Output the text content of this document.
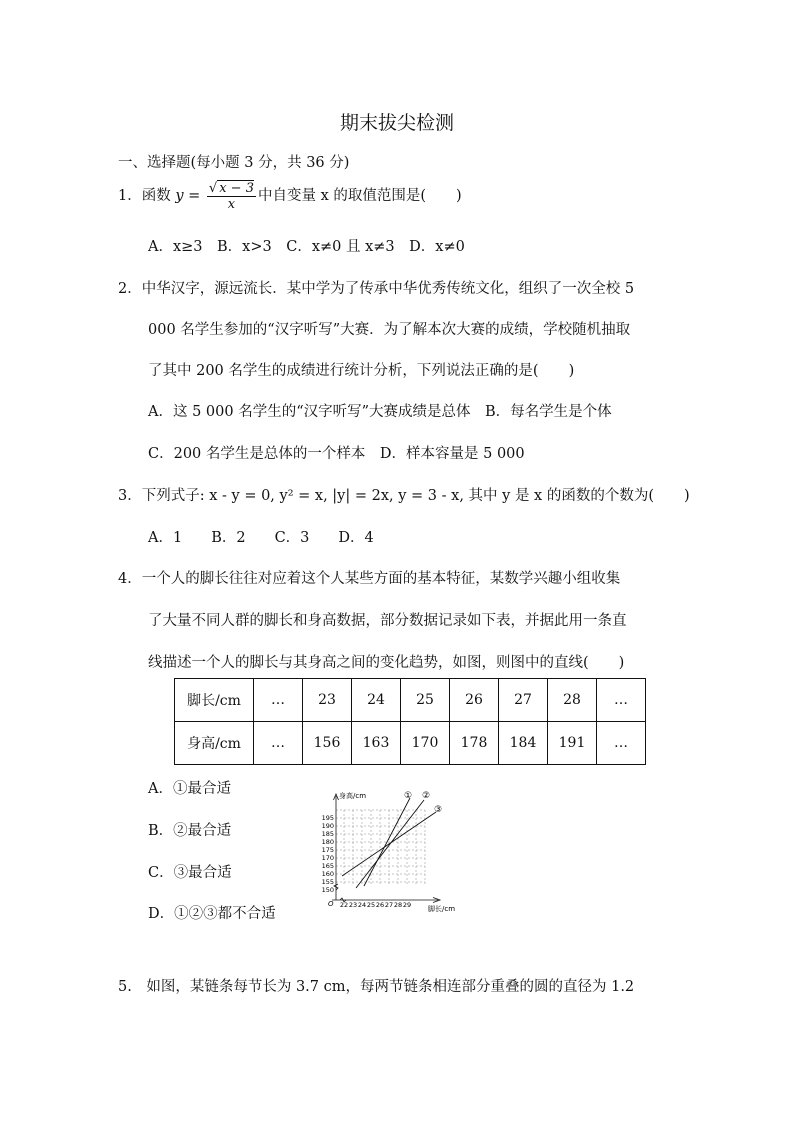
期末拔尖检测
一、选择题(每小题 3 分，共 36 分)
1．函数 $y = \frac{√ x - 3}{x}$ 中自变量 x 的取值范围是( )
A．x≥3　B．x>3　C．x≠0 且 x≠3　D．x≠0
2．中华汉字，源远流长．某中学为了传承中华优秀传统文化，组织了一次全校 5
000 名学生参加的“汉字听写”大赛．为了解本次大赛的成绩，学校随机抽取
了其中 200 名学生的成绩进行统计分析，下列说法正确的是( )
A．这 5 000 名学生的“汉字听写”大赛成绩是总体　B．每名学生是个体
C．200 名学生是总体的一个样本　D．样本容量是 5 000
3．下列式子: x - y = 0, y² = x, |y| = 2x, y = 3 - x, 其中 y 是 x 的函数的个数为( )
A．1　　B．2　　C．3　　D．4
4．一个人的脚长往往对应着这个人某些方面的基本特征，某数学兴趣小组收集
了大量不同人群的脚长和身高数据，部分数据记录如下表，并据此用一条直
线描述一个人的脚长与其身高之间的变化趋势，如图，则图中的直线( )
脚长/cm	…	23	24	25	26	27	28	…
身高/cm	…	156	163	170	178	184	191	…
A．①最合适
B．②最合适
C．③最合适
D．①②③都不合适
身高/cm
脚长/cm
O
150
155
160
165
170
175
180
185
190
195
22 23 24 25 26 27 28 29
① ②
③
5.　如图，某链条每节长为 3.7 cm，每两节链条相连部分重叠的圆的直径为 1.2
